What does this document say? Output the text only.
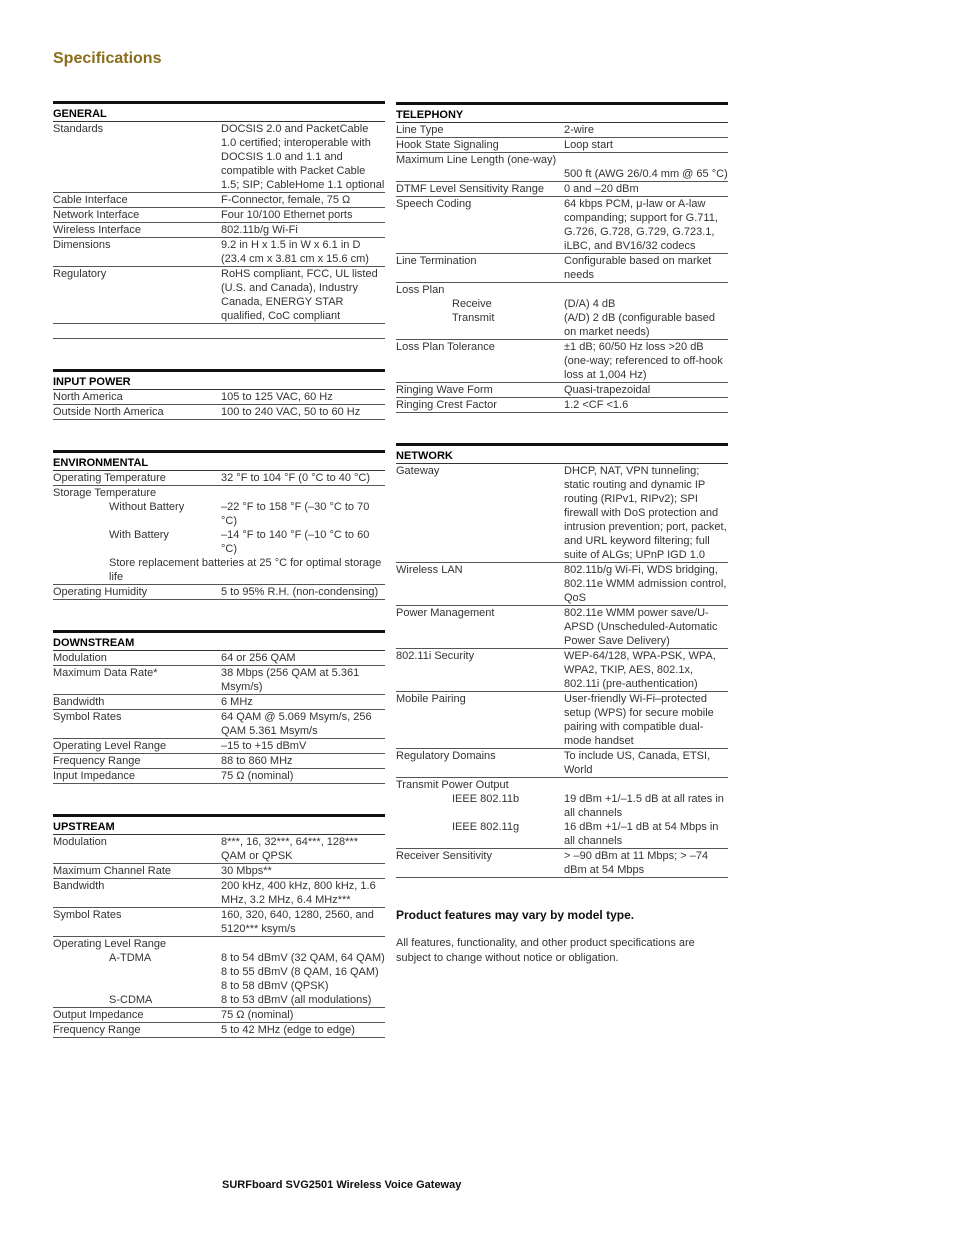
Specifications
GENERAL
Standards	DOCSIS 2.0 and PacketCable 1.0 certified; interoperable with DOCSIS 1.0 and 1.1 and compatible with Packet Cable 1.5; SIP; CableHome 1.1 optional
Cable Interface	F-Connector, female, 75 Ω
Network Interface	Four 10/100 Ethernet ports
Wireless Interface	802.11b/g Wi-Fi
Dimensions	9.2 in H x 1.5 in W x 6.1 in D (23.4 cm x 3.81 cm x 15.6 cm)
Regulatory	RoHS compliant, FCC, UL listed (U.S. and Canada), Industry Canada, ENERGY STAR qualified, CoC compliant
INPUT POWER
North America	105 to 125 VAC, 60 Hz
Outside North America	100 to 240 VAC, 50 to 60 Hz
ENVIRONMENTAL
Operating Temperature	32 °F to 104 °F (0 °C to 40 °C)
Storage Temperature
Without Battery	–22 °F to 158 °F (–30 °C to 70 °C)
With Battery	–14 °F to 140 °F (–10 °C to 60 °C)
Store replacement batteries at 25 °C for optimal storage life
Operating Humidity	5 to 95% R.H. (non-condensing)
DOWNSTREAM
Modulation	64 or 256 QAM
Maximum Data Rate*	38 Mbps (256 QAM at 5.361 Msym/s)
Bandwidth	6 MHz
Symbol Rates	64 QAM @ 5.069 Msym/s, 256 QAM 5.361 Msym/s
Operating Level Range	–15 to +15 dBmV
Frequency Range	88 to 860 MHz
Input Impedance	75 Ω (nominal)
UPSTREAM
Modulation	8***, 16, 32***, 64***, 128*** QAM or QPSK
Maximum Channel Rate	30 Mbps**
Bandwidth	200 kHz, 400 kHz, 800 kHz, 1.6 MHz, 3.2 MHz, 6.4 MHz***
Symbol Rates	160, 320, 640, 1280, 2560, and 5120*** ksym/s
Operating Level Range
A-TDMA	8 to 54 dBmV (32 QAM, 64 QAM)
8 to 55 dBmV (8 QAM, 16 QAM)
8 to 58 dBmV (QPSK)
S-CDMA	8 to 53 dBmV (all modulations)
Output Impedance	75 Ω (nominal)
Frequency Range	5 to 42 MHz (edge to edge)
TELEPHONY
Line Type	2-wire
Hook State Signaling	Loop start
Maximum Line Length (one-way)
500 ft (AWG 26/0.4 mm @ 65 °C)
DTMF Level Sensitivity Range	0 and –20 dBm
Speech Coding	64 kbps PCM, μ-law or A-law companding; support for G.711, G.726, G.728, G.729, G.723.1, iLBC, and BV16/32 codecs
Line Termination	Configurable based on market needs
Loss Plan
Receive	(D/A) 4 dB
Transmit	(A/D) 2 dB (configurable based on market needs)
Loss Plan Tolerance	±1 dB; 60/50 Hz loss >20 dB (one-way; referenced to off-hook loss at 1,004 Hz)
Ringing Wave Form	Quasi-trapezoidal
Ringing Crest Factor	1.2 <CF <1.6
NETWORK
Gateway	DHCP, NAT, VPN tunneling; static routing and dynamic IP routing (RIPv1, RIPv2); SPI firewall with DoS protection and intrusion prevention; port, packet, and URL keyword filtering; full suite of ALGs; UPnP IGD 1.0
Wireless LAN	802.11b/g Wi-Fi, WDS bridging, 802.11e WMM admission control, QoS
Power Management	802.11e WMM power save/U-APSD (Unscheduled-Automatic Power Save Delivery)
802.11i Security	WEP-64/128, WPA-PSK, WPA, WPA2, TKIP, AES, 802.1x, 802.11i (pre-authentication)
Mobile Pairing	User-friendly Wi-Fi–protected setup (WPS) for secure mobile pairing with compatible dual-mode handset
Regulatory Domains	To include US, Canada, ETSI, World
Transmit Power Output
IEEE 802.11b	19 dBm +1/–1.5 dB at all rates in all channels
IEEE 802.11g	16 dBm +1/–1 dB at 54 Mbps in all channels
Receiver Sensitivity	> –90 dBm at 11 Mbps; > –74 dBm at 54 Mbps
Product features may vary by model type.
All features, functionality, and other product specifications are subject to change without notice or obligation.
SURFboard SVG2501 Wireless Voice Gateway
